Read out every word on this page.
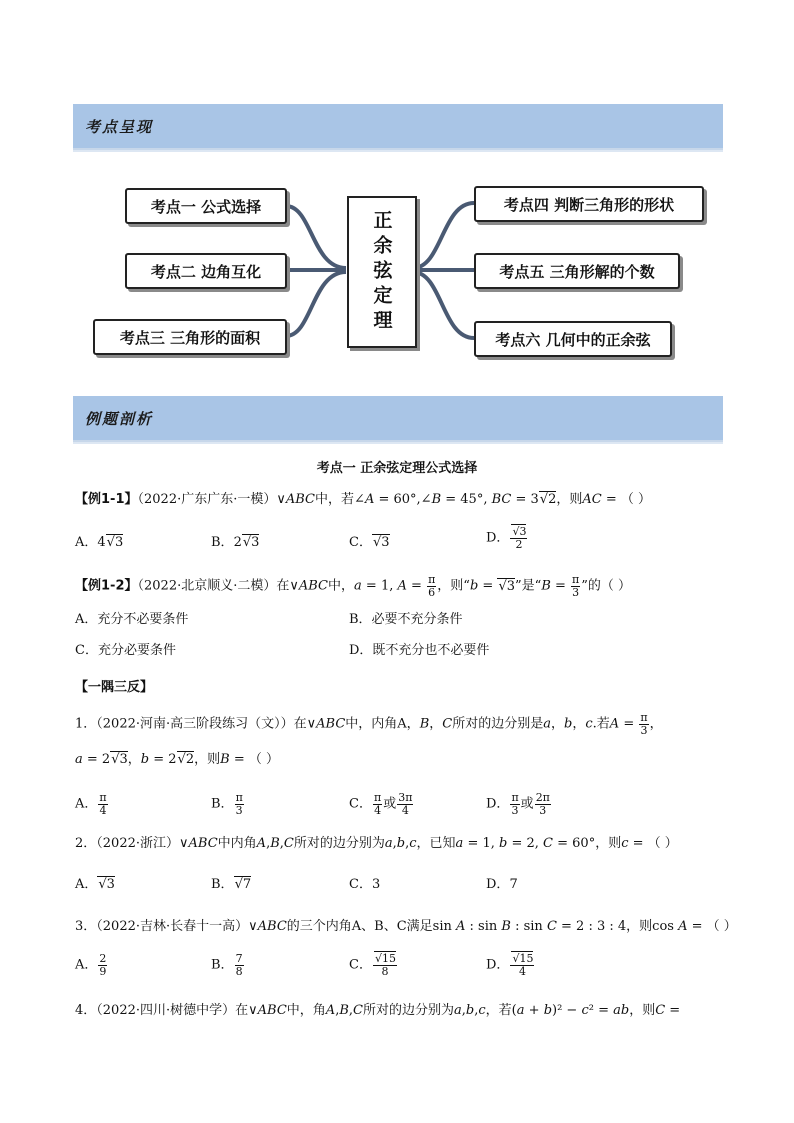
考点呈现
考点一 公式选择
考点二 边角互化
考点三 三角形的面积
正余弦定理
考点四 判断三角形的形状
考点五 三角形解的个数
考点六 几何中的正余弦
例题剖析
考点一 正余弦定理公式选择
【例1-1】（2022·广东广东·一模）∨ABC中，若∠A = 60°,∠B = 45°, BC = 3√2，则AC = （ ）
A．4√3	B．2√3	C．√3	D． $\frac{√3}{2}$
【例1-2】（2022·北京顺义·二模）在∨ABC中，a = 1, $A = \frac{\pi}{6}$ ，则“b = √3”是“$B = \frac{\pi}{3}$ ”的（ ）
A．充分不必要条件	B．必要不充分条件
C．充分必要条件	D．既不充分也不必要件
【一隅三反】
1．（2022·河南·高三阶段练习（文））在∨ABC中，内角A，B，C所对的边分别是a，b，c.若$A = \frac{\pi}{3}$ ，
a = 2√3，b = 2√2，则B = （ ）
A． $\frac{\pi}{4}$	B． $\frac{\pi}{3}$	C． $\frac{\pi}{4}$ 或 $\frac{3\pi}{4}$	D． $\frac{\pi}{3}$ 或 $\frac{2\pi}{3}$
2．（2022·浙江）∨ABC中内角A,B,C所对的边分别为a,b,c，已知a = 1, b = 2, C = 60°，则c = （ ）
A．√3	B．√7	C．3	D．7
3．（2022·吉林·长春十一高）∨ABC的三个内角A、B、C满足sin A : sin B : sin C = 2 : 3 : 4，则cos A = （ ）
A． $\frac{2}{9}$	B． $\frac{7}{8}$	C． $\frac{√15}{8}$	D． $\frac{√15}{4}$
4．（2022·四川·树德中学）在∨ABC中，角A,B,C所对的边分别为a,b,c，若(a + b)² − c² = ab，则C =
